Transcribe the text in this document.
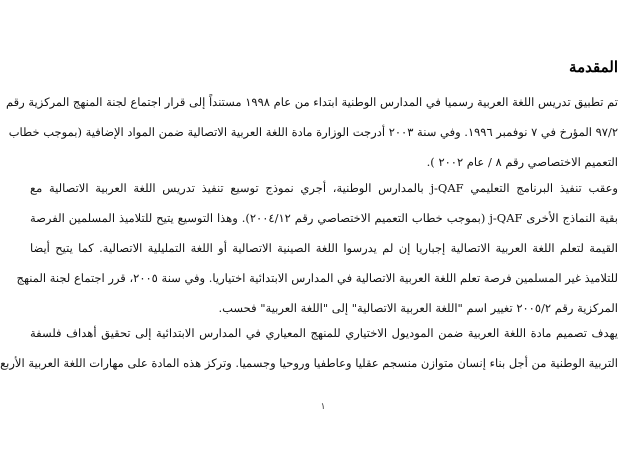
المقدمة

تم تطبيق تدريس اللغة العربية رسميا في المدارس الوطنية ابتداء من عام ١٩٩٨ مستنداً إلى قرار اجتماع لجنة المنهج المركزية رقم
٩٧/٢ المؤرخ في ٧ نوفمبر ١٩٩٦. وفي سنة ٢٠٠٣ أدرجت الوزارة مادة اللغة العربية الاتصالية ضمن المواد الإضافية (بموجب خطاب
التعميم الاختصاصي رقم ٨ / عام ٢٠٠٢ ).

وعقب تنفيذ البرنامج التعليمي j-QAF بالمدارس الوطنية، أجري نموذج توسيع تنفيذ تدريس اللغة العربية الاتصالية مع
بقية النماذج الأخرى j-QAF (بموجب خطاب التعميم الاختصاصي رقم ٢٠٠٤/١٢). وهذا التوسيع يتيح للتلاميذ المسلمين الفرصة
القيمة لتعلم اللغة العربية الاتصالية إجباريا إن لم يدرسوا اللغة الصينية الاتصالية أو اللغة التمليلية الاتصالية. كما يتيح أيضا
للتلاميذ غير المسلمين فرصة تعلم اللغة العربية الاتصالية في المدارس الابتدائية اختياريا. وفي سنة ٢٠٠٥، قرر اجتماع لجنة المنهج
المركزية رقم ٢٠٠٥/٢ تغيير اسم "اللغة العربية الاتصالية" إلى "اللغة العربية" فحسب.

يهدف تصميم مادة اللغة العربية ضمن الموديول الاختياري للمنهج المعياري في المدارس الابتدائية إلى تحقيق أهداف فلسفة
التربية الوطنية من أجل بناء إنسان متوازن منسجم عقليا وعاطفيا وروحيا وجسميا. وتركز هذه المادة على مهارات اللغة العربية الأربع

١
